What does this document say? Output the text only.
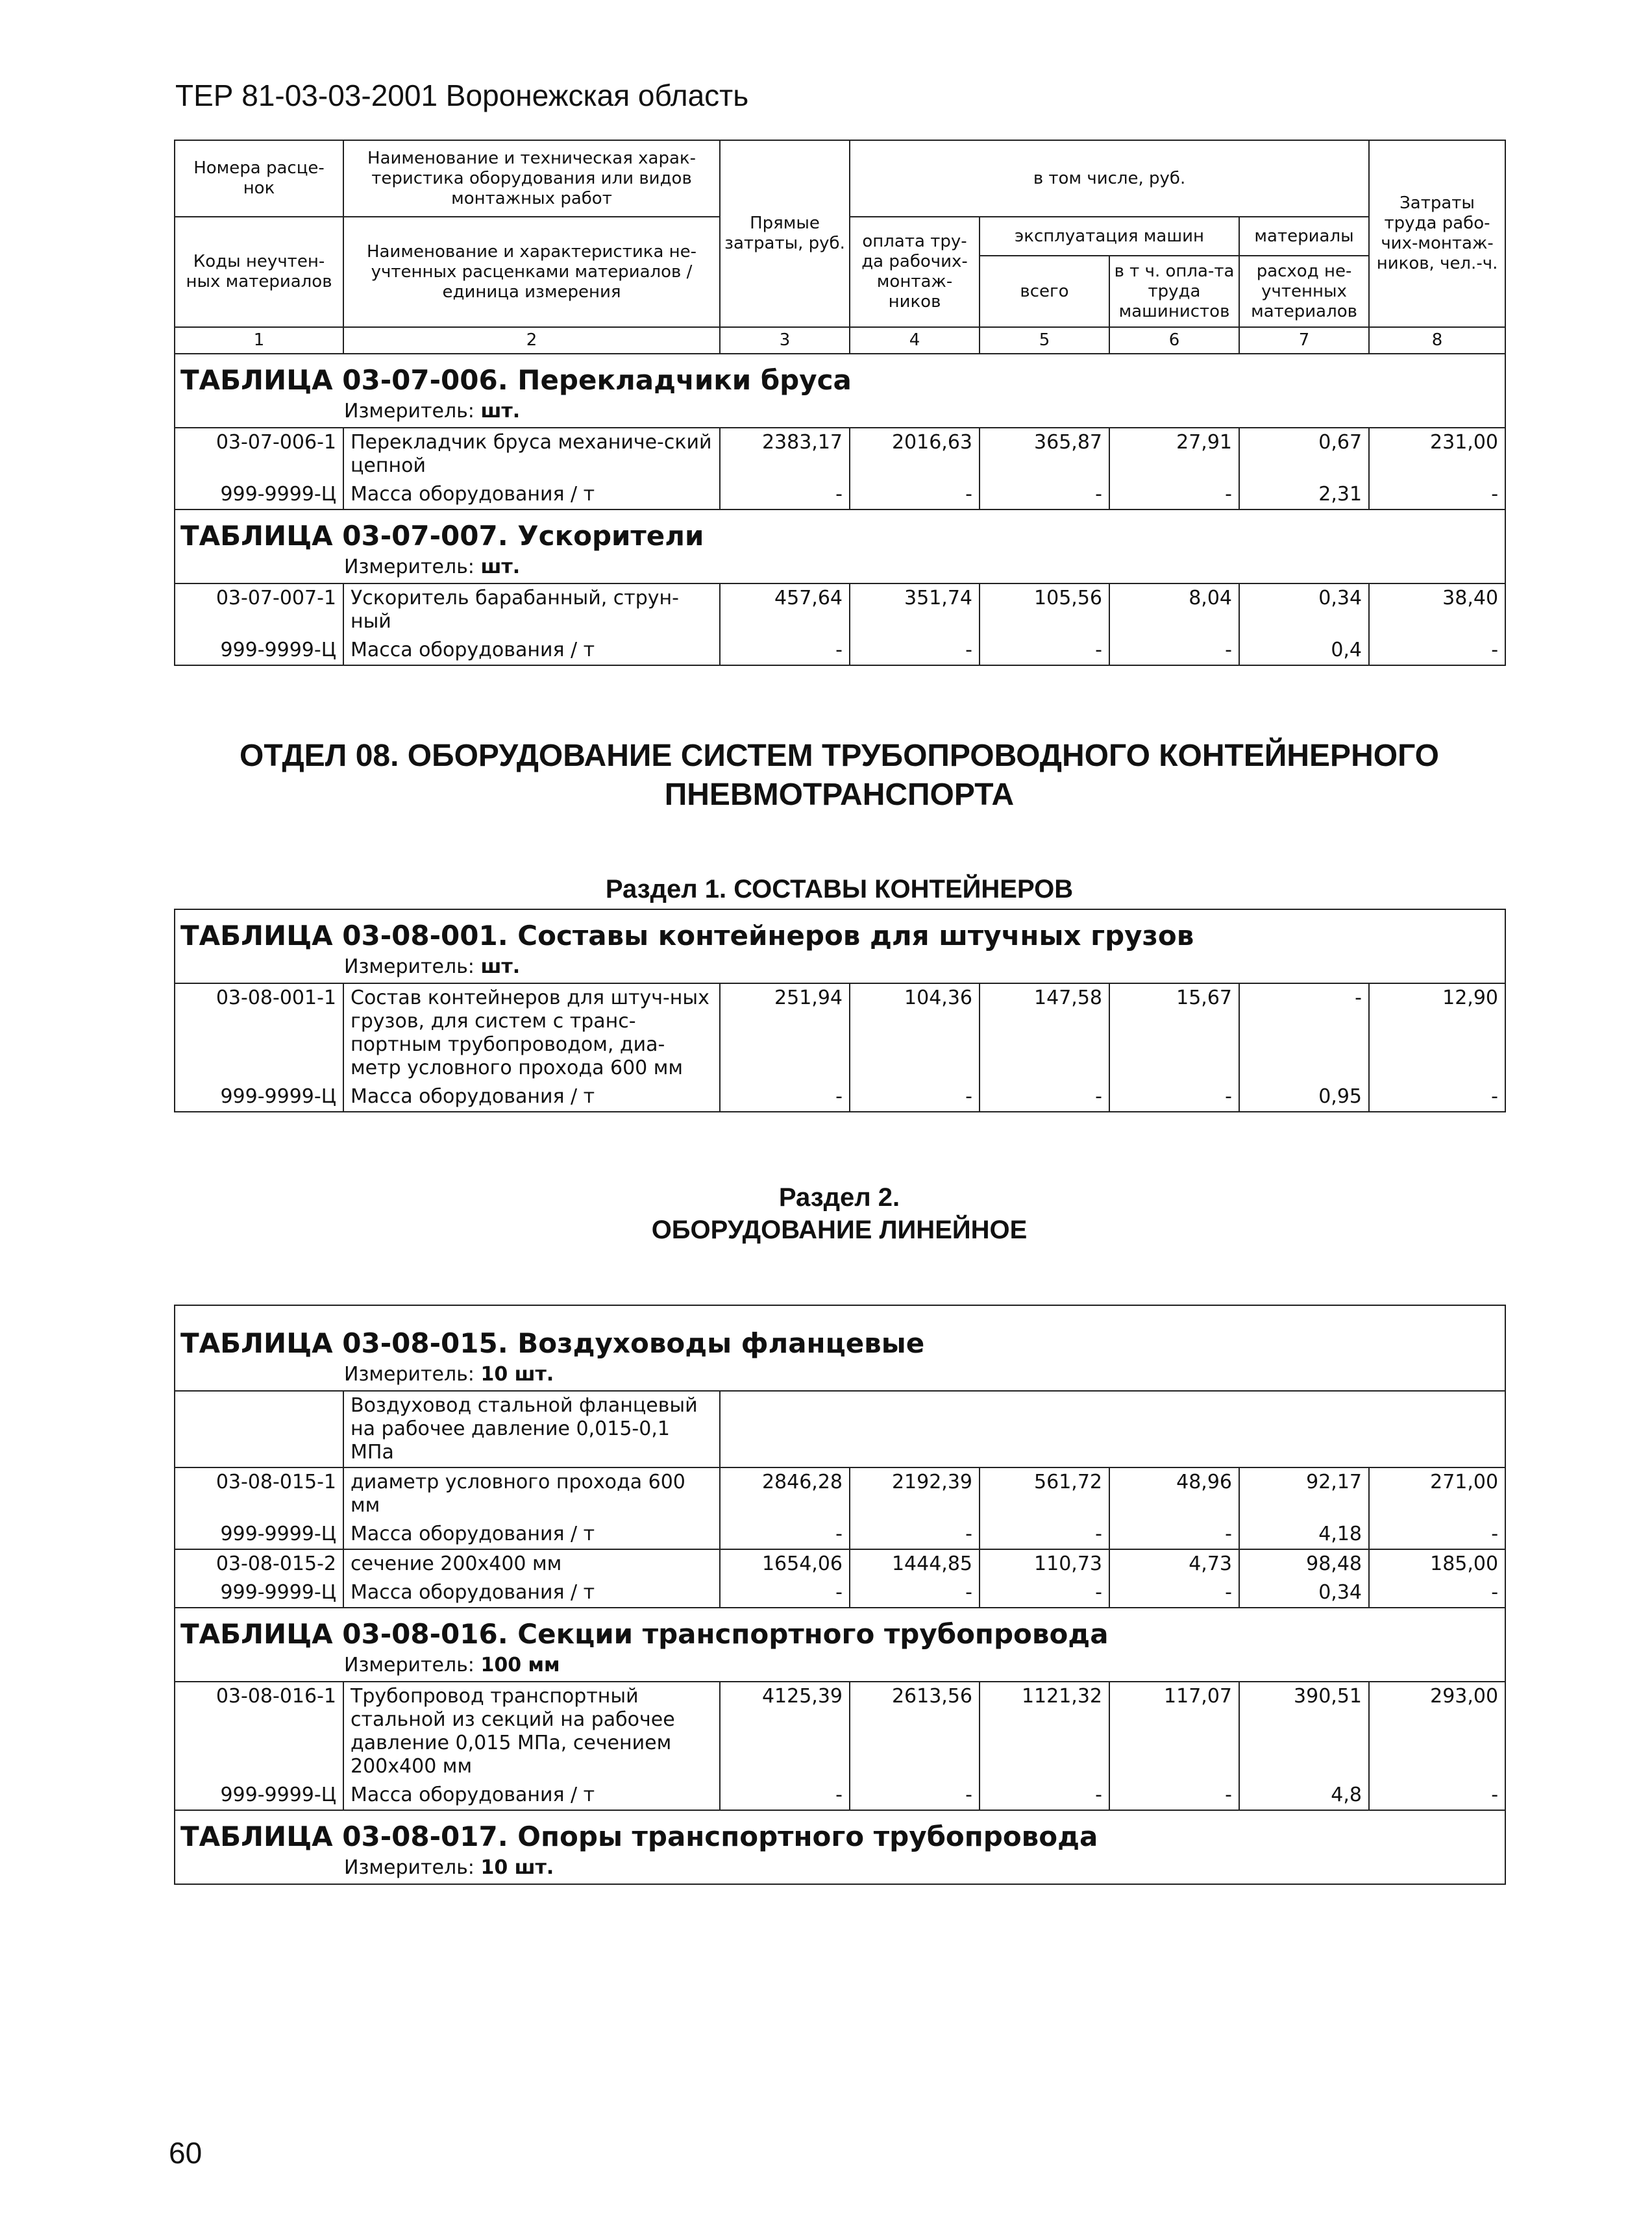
ТЕР 81-03-03-2001 Воронежская область
Номера расце-нок	Наименование и техническая харак-теристика оборудования или видов монтажных работ	Прямые затраты, руб.	в том числе, руб.				Затраты труда рабо-чих-монтаж-ников, чел.-ч.
Коды неучтен-ных материалов	Наименование и характеристика не-учтенных расценками материалов / единица измерения		оплата тру-да рабочих-монтаж-ников	эксплуатация машин		материалы	
				всего	в т ч. опла-та труда машинистов	расход не-учтенных материалов	
1	2	3	4	5	6	7	8
ТАБЛИЦА 03-07-006. Перекладчики бруса							
Измеритель: шт.							
03-07-006-1	Перекладчик бруса механиче-ский цепной	2383,17	2016,63	365,87	27,91	0,67	231,00
999-9999-Ц	Масса оборудования / т	-	-	-	-	2,31	-
ТАБЛИЦА 03-07-007. Ускорители							
Измеритель: шт.							
03-07-007-1	Ускоритель барабанный, струн-ный	457,64	351,74	105,56	8,04	0,34	38,40
999-9999-Ц	Масса оборудования / т	-	-	-	-	0,4	-
ОТДЕЛ 08. ОБОРУДОВАНИЕ СИСТЕМ ТРУБОПРОВОДНОГО КОНТЕЙНЕРНОГО
ПНЕВМОТРАНСПОРТА
Раздел 1. СОСТАВЫ КОНТЕЙНЕРОВ
ТАБЛИЦА 03-08-001. Составы контейнеров для штучных грузов							
Измеритель: шт.							
03-08-001-1	Состав контейнеров для штуч-ных грузов, для систем с транс-портным трубопроводом, диа-метр условного прохода 600 мм	251,94	104,36	147,58	15,67	-	12,90
999-9999-Ц	Масса оборудования / т	-	-	-	-	0,95	-
Раздел 2.
ОБОРУДОВАНИЕ ЛИНЕЙНОЕ
ТАБЛИЦА 03-08-015. Воздуховоды фланцевые							
Измеритель: 10 шт.							
	Воздуховод стальной фланцевый на рабочее давление 0,015-0,1 МПа						
03-08-015-1	диаметр условного прохода 600 мм	2846,28	2192,39	561,72	48,96	92,17	271,00
999-9999-Ц	Масса оборудования / т	-	-	-	-	4,18	-
03-08-015-2	сечение 200х400 мм	1654,06	1444,85	110,73	4,73	98,48	185,00
999-9999-Ц	Масса оборудования / т	-	-	-	-	0,34	-
ТАБЛИЦА 03-08-016. Секции транспортного трубопровода							
Измеритель: 100 мм							
03-08-016-1	Трубопровод транспортный стальной из секций на рабочее давление 0,015 МПа, сечением 200х400 мм	4125,39	2613,56	1121,32	117,07	390,51	293,00
999-9999-Ц	Масса оборудования / т	-	-	-	-	4,8	-
ТАБЛИЦА 03-08-017. Опоры транспортного трубопровода							
Измеритель: 10 шт.							
60
